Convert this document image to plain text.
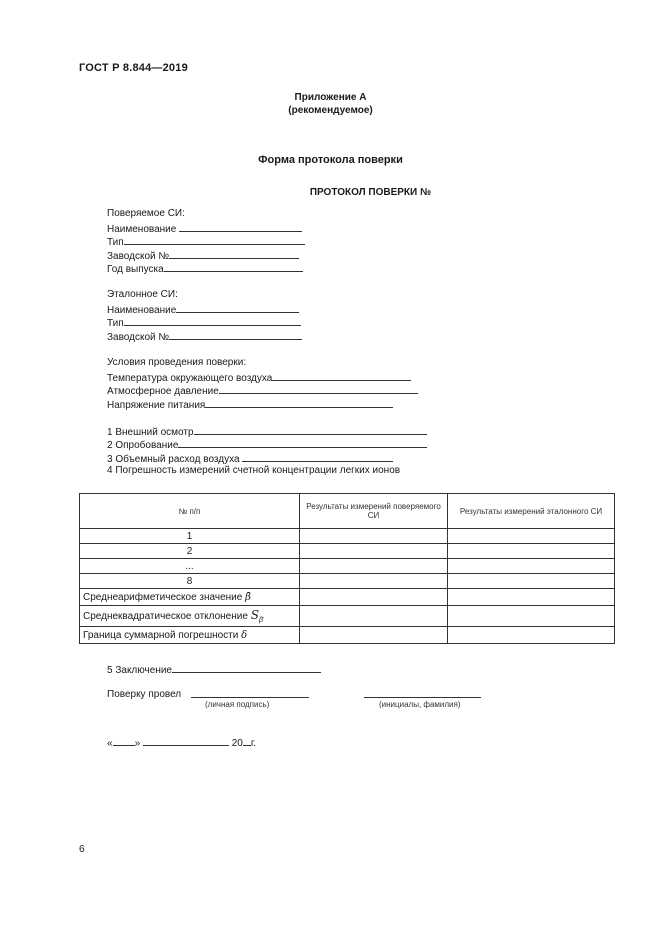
ГОСТ Р 8.844—2019
Приложение А
(рекомендуемое)
Форма протокола поверки
ПРОТОКОЛ ПОВЕРКИ №
Поверяемое СИ:
Наименование
Тип
Заводской №
Год выпуска
Эталонное СИ:
Наименование
Тип
Заводской №
Условия проведения поверки:
Температура окружающего воздуха
Атмосферное давление
Напряжение питания
1 Внешний осмотр
2 Опробование
3 Объемный расход воздуха
4 Погрешность измерений счетной концентрации легких ионов
№ п/п	Результаты измерений поверяемого СИ	Результаты измерений эталонного СИ
1		
2		
...		
8		
Среднеарифметическое значение β̄		
Среднеквадратическое отклонение $S_{\betā}$		
Граница суммарной погрешности δ		
5 Заключение
Поверку провел
(личная подпись)	(инициалы, фамилия)
« »	20 г.
6
